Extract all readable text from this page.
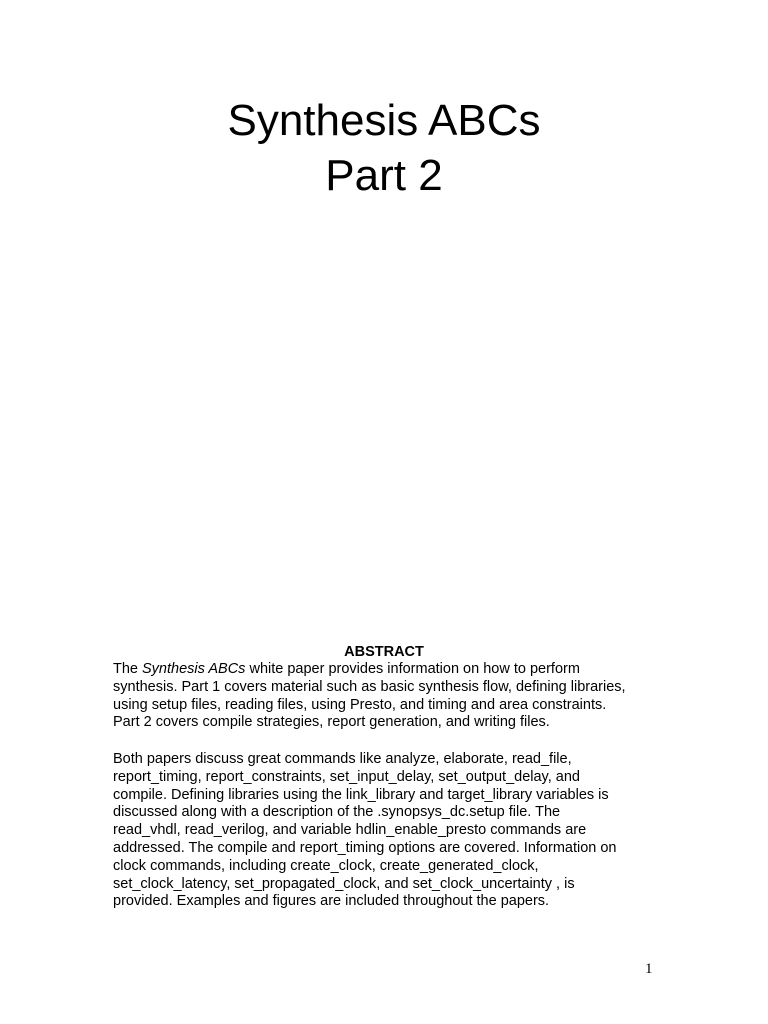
Synthesis ABCs
Part 2
ABSTRACT

The Synthesis ABCs white paper provides information on how to perform
synthesis. Part 1 covers material such as basic synthesis flow, defining libraries,
using setup files, reading files, using Presto, and timing and area constraints.
Part 2 covers compile strategies, report generation, and writing files.

Both papers discuss great commands like analyze, elaborate, read_file,
report_timing, report_constraints, set_input_delay, set_output_delay, and
compile. Defining libraries using the link_library and target_library variables is
discussed along with a description of the .synopsys_dc.setup file. The
read_vhdl, read_verilog, and variable hdlin_enable_presto commands are
addressed. The compile and report_timing options are covered. Information on
clock commands, including create_clock, create_generated_clock,
set_clock_latency, set_propagated_clock, and set_clock_uncertainty , is
provided. Examples and figures are included throughout the papers.

1
